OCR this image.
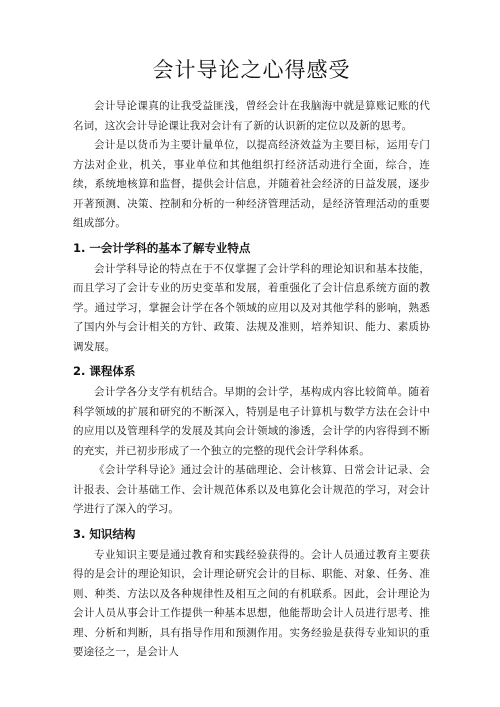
会计导论之心得感受

会计导论课真的让我受益匪浅，曾经会计在我脑海中就是算账记账的代名词，这次会计导论课让我对会计有了新的认识新的定位以及新的思考。

会计是以货币为主要计量单位，以提高经济效益为主要目标，运用专门方法对企业，机关，事业单位和其他组织打经济活动进行全面，综合，连续，系统地核算和监督，提供会计信息，并随着社会经济的日益发展，逐步开著预测、决策、控制和分析的一种经济管理活动，是经济管理活动的重要组成部分。

1. 一会计学科的基本了解专业特点

会计学科导论的特点在于不仅掌握了会计学科的理论知识和基本技能，而且学习了会计专业的历史变革和发展，着重强化了会计信息系统方面的教学。通过学习，掌握会计学在各个领域的应用以及对其他学科的影响，熟悉了国内外与会计相关的方针、政策、法规及准则，培养知识、能力、素质协调发展。

2. 课程体系

会计学各分支学有机结合。早期的会计学，基构成内容比较简单。随着科学领域的扩展和研究的不断深入，特别是电子计算机与数学方法在会计中的应用以及管理科学的发展及其向会计领域的渗透，会计学的内容得到不断的充实，并已初步形成了一个独立的完整的现代会计学科体系。

《会计学科导论》通过会计的基础理论、会计核算、日常会计记录、会计报表、会计基础工作、会计规范体系以及电算化会计规范的学习，对会计学进行了深入的学习。

3. 知识结构

专业知识主要是通过教育和实践经验获得的。会计人员通过教育主要获得的是会计的理论知识，会计理论研究会计的目标、职能、对象、任务、准则、种类、方法以及各种规律性及相互之间的有机联系。因此，会计理论为会计人员从事会计工作提供一种基本思想，他能帮助会计人员进行思考、推理、分析和判断，具有指导作用和预测作用。实务经验是获得专业知识的重要途径之一，是会计人
